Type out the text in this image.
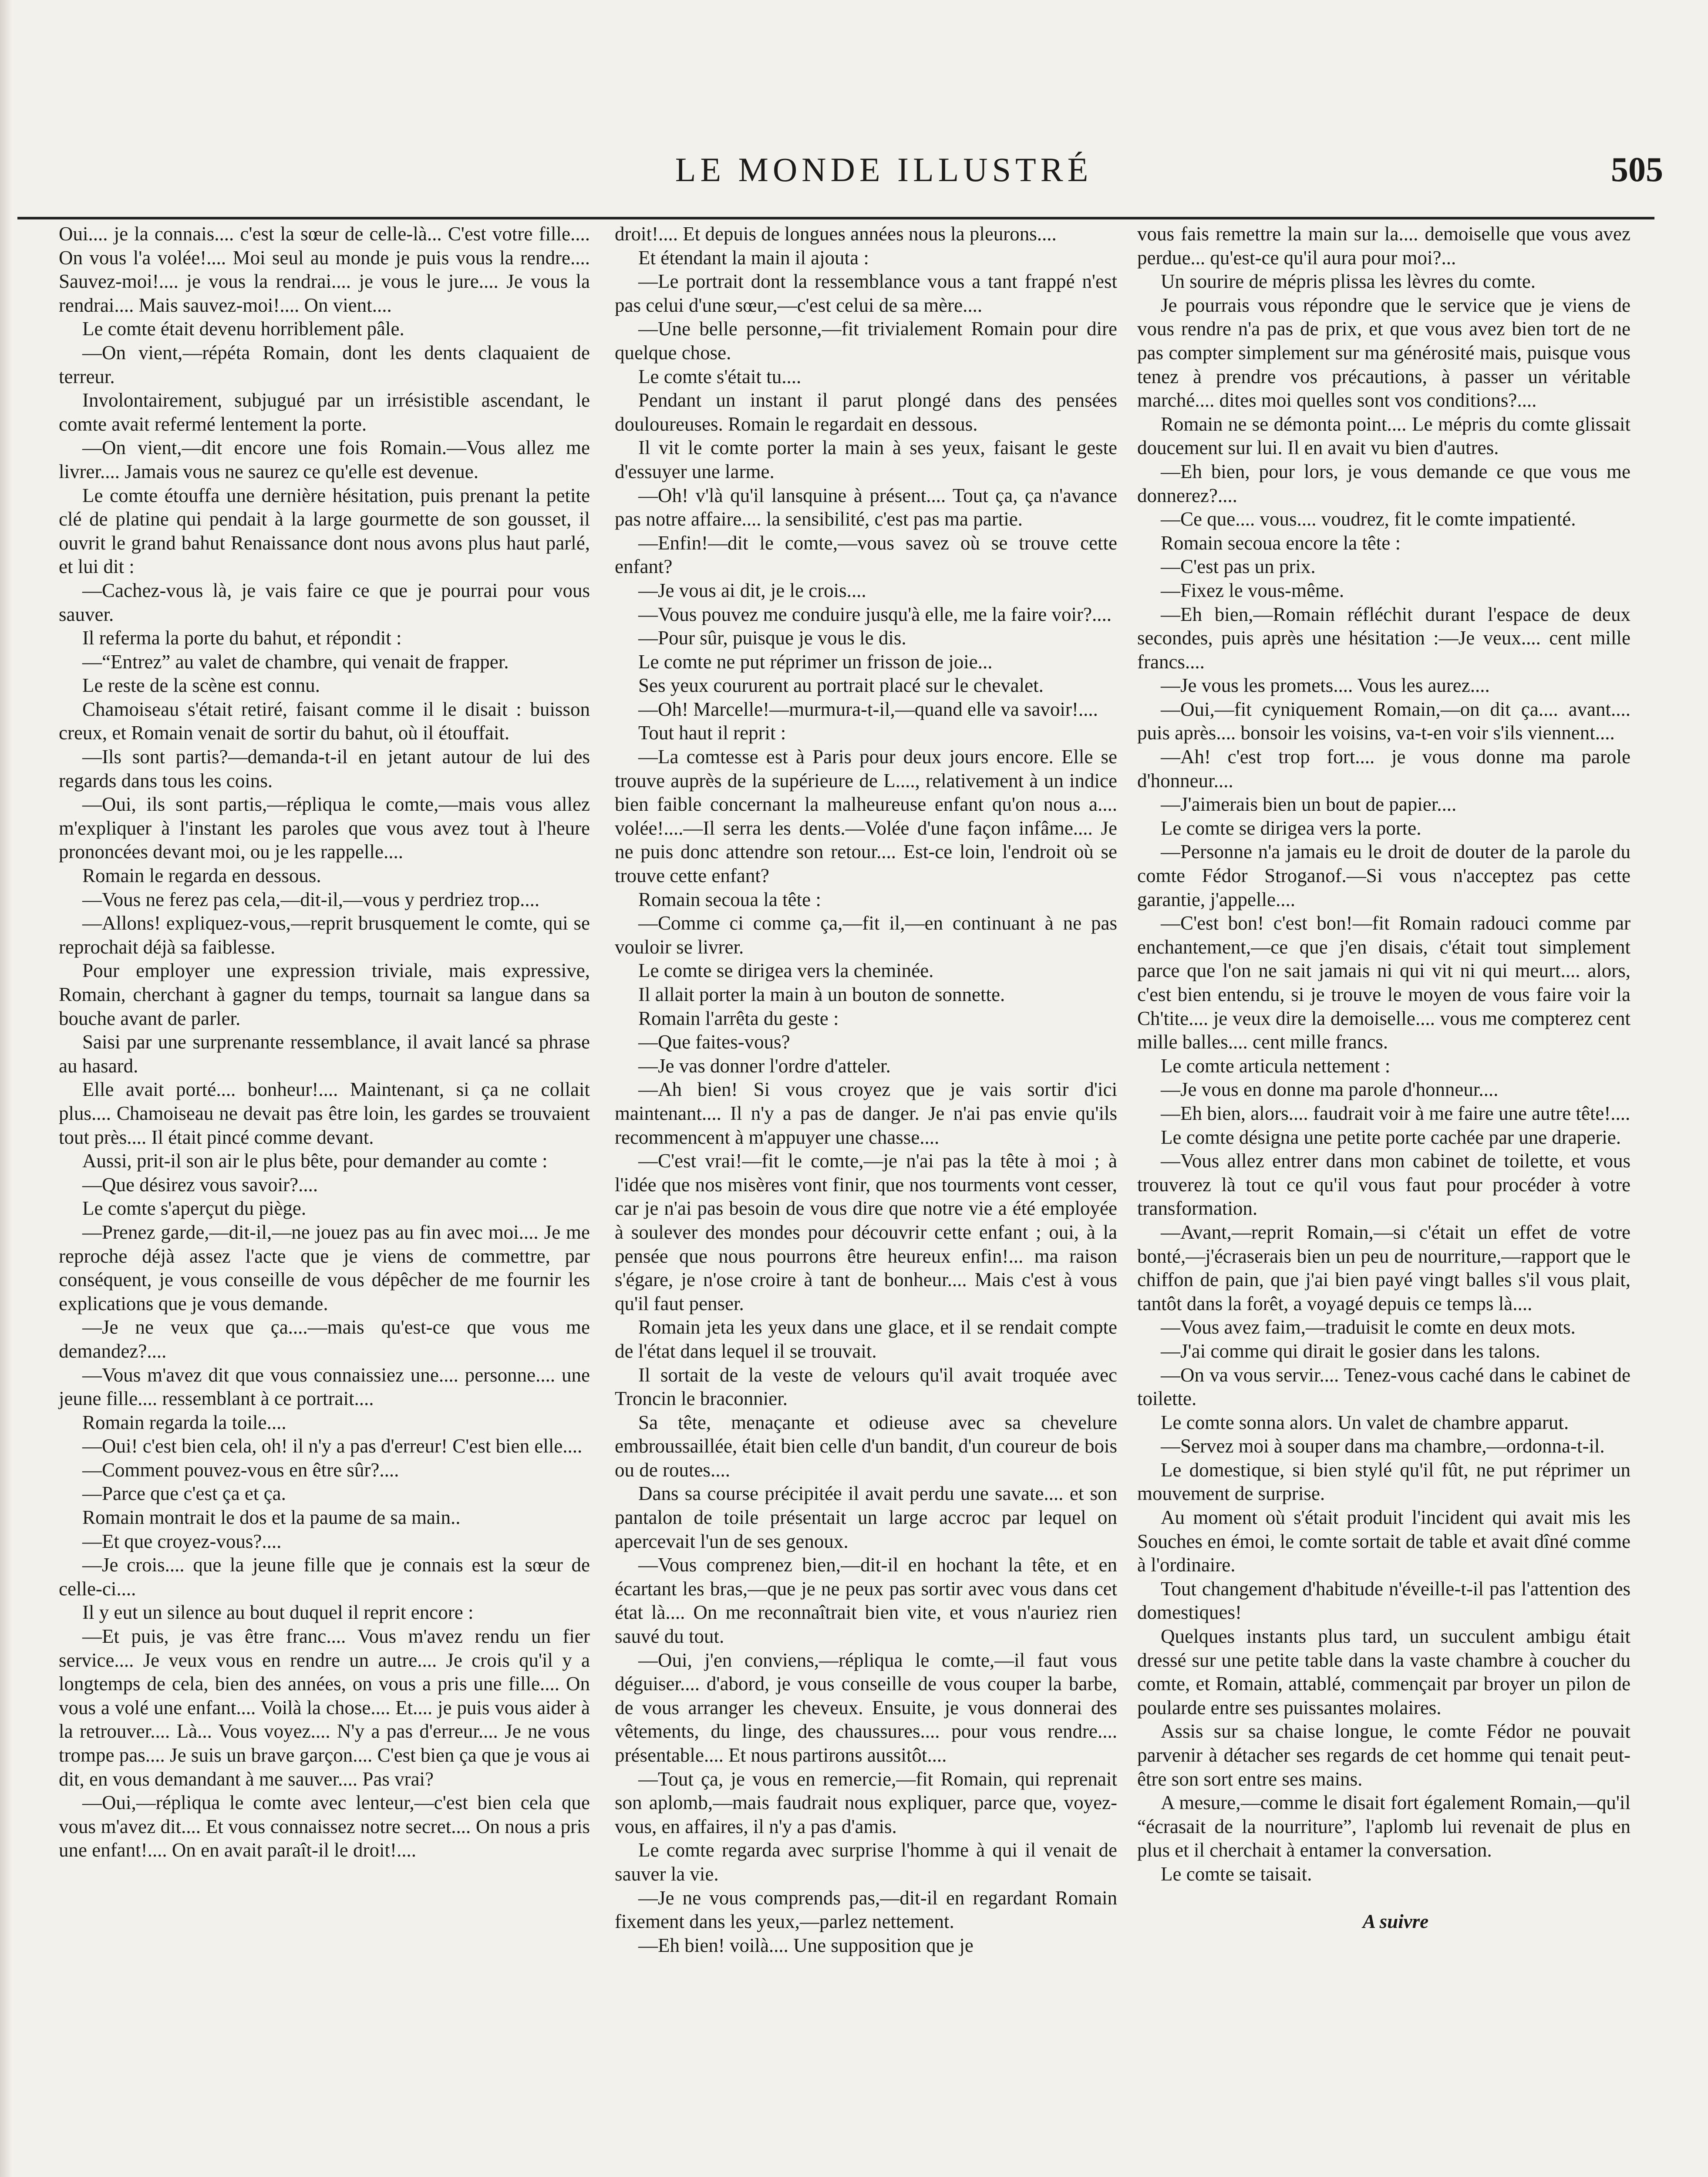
LE MONDE ILLUSTRÉ	505

Oui.... je la connais.... c'est la sœur de celle-là... C'est votre fille.... On vous l'a volée!.... Moi seul au monde je puis vous la rendre.... Sauvez-moi!.... je vous la rendrai.... je vous le jure.... Je vous la rendrai.... Mais sauvez-moi!.... On vient....

Le comte était devenu horriblement pâle.

—On vient,—répéta Romain, dont les dents claquaient de terreur.

Involontairement, subjugué par un irrésistible ascendant, le comte avait refermé lentement la porte.

—On vient,—dit encore une fois Romain.—Vous allez me livrer.... Jamais vous ne saurez ce qu'elle est devenue.

Le comte étouffa une dernière hésitation, puis prenant la petite clé de platine qui pendait à la large gourmette de son gousset, il ouvrit le grand bahut Renaissance dont nous avons plus haut parlé, et lui dit :

—Cachez-vous là, je vais faire ce que je pourrai pour vous sauver.

Il referma la porte du bahut, et répondit :

—“Entrez” au valet de chambre, qui venait de frapper.

Le reste de la scène est connu.

Chamoiseau s'était retiré, faisant comme il le disait : buisson creux, et Romain venait de sortir du bahut, où il étouffait.

—Ils sont partis?—demanda-t-il en jetant autour de lui des regards dans tous les coins.

—Oui, ils sont partis,—répliqua le comte,—mais vous allez m'expliquer à l'instant les paroles que vous avez tout à l'heure prononcées devant moi, ou je les rappelle....

Romain le regarda en dessous.

—Vous ne ferez pas cela,—dit-il,—vous y perdriez trop....

—Allons! expliquez-vous,—reprit brusquement le comte, qui se reprochait déjà sa faiblesse.

Pour employer une expression triviale, mais expressive, Romain, cherchant à gagner du temps, tournait sa langue dans sa bouche avant de parler.

Saisi par une surprenante ressemblance, il avait lancé sa phrase au hasard.

Elle avait porté.... bonheur!.... Maintenant, si ça ne collait plus.... Chamoiseau ne devait pas être loin, les gardes se trouvaient tout près.... Il était pincé comme devant.

Aussi, prit-il son air le plus bête, pour demander au comte :

—Que désirez vous savoir?....

Le comte s'aperçut du piège.

—Prenez garde,—dit-il,—ne jouez pas au fin avec moi.... Je me reproche déjà assez l'acte que je viens de commettre, par conséquent, je vous conseille de vous dépêcher de me fournir les explications que je vous demande.

—Je ne veux que ça....—mais qu'est-ce que vous me demandez?....

—Vous m'avez dit que vous connaissiez une.... personne.... une jeune fille.... ressemblant à ce portrait....

Romain regarda la toile....

—Oui! c'est bien cela, oh! il n'y a pas d'erreur! C'est bien elle....

—Comment pouvez-vous en être sûr?....

—Parce que c'est ça et ça.

Romain montrait le dos et la paume de sa main..

—Et que croyez-vous?....

—Je crois.... que la jeune fille que je connais est la sœur de celle-ci....

Il y eut un silence au bout duquel il reprit encore :

—Et puis, je vas être franc.... Vous m'avez rendu un fier service.... Je veux vous en rendre un autre.... Je crois qu'il y a longtemps de cela, bien des années, on vous a pris une fille.... On vous a volé une enfant.... Voilà la chose.... Et.... je puis vous aider à la retrouver.... Là... Vous voyez.... N'y a pas d'erreur.... Je ne vous trompe pas.... Je suis un brave garçon.... C'est bien ça que je vous ai dit, en vous demandant à me sauver.... Pas vrai?

—Oui,—répliqua le comte avec lenteur,—c'est bien cela que vous m'avez dit.... Et vous connaissez notre secret.... On nous a pris une enfant!.... On en avait paraît-il le droit!....

droit!.... Et depuis de longues années nous la pleurons....

Et étendant la main il ajouta :

—Le portrait dont la ressemblance vous a tant frappé n'est pas celui d'une sœur,—c'est celui de sa mère....

—Une belle personne,—fit trivialement Romain pour dire quelque chose.

Le comte s'était tu....

Pendant un instant il parut plongé dans des pensées douloureuses. Romain le regardait en dessous.

Il vit le comte porter la main à ses yeux, faisant le geste d'essuyer une larme.

—Oh! v'là qu'il lansquine à présent.... Tout ça, ça n'avance pas notre affaire.... la sensibilité, c'est pas ma partie.

—Enfin!—dit le comte,—vous savez où se trouve cette enfant?

—Je vous ai dit, je le crois....

—Vous pouvez me conduire jusqu'à elle, me la faire voir?....

—Pour sûr, puisque je vous le dis.

Le comte ne put réprimer un frisson de joie...

Ses yeux coururent au portrait placé sur le chevalet.

—Oh! Marcelle!—murmura-t-il,—quand elle va savoir!....

Tout haut il reprit :

—La comtesse est à Paris pour deux jours encore. Elle se trouve auprès de la supérieure de L...., relativement à un indice bien faible concernant la malheureuse enfant qu'on nous a.... volée!....—Il serra les dents.—Volée d'une façon infâme.... Je ne puis donc attendre son retour.... Est-ce loin, l'endroit où se trouve cette enfant?

Romain secoua la tête :

—Comme ci comme ça,—fit il,—en continuant à ne pas vouloir se livrer.

Le comte se dirigea vers la cheminée.

Il allait porter la main à un bouton de sonnette.

Romain l'arrêta du geste :

—Que faites-vous?

—Je vas donner l'ordre d'atteler.

—Ah bien! Si vous croyez que je vais sortir d'ici maintenant.... Il n'y a pas de danger. Je n'ai pas envie qu'ils recommencent à m'appuyer une chasse....

—C'est vrai!—fit le comte,—je n'ai pas la tête à moi ; à l'idée que nos misères vont finir, que nos tourments vont cesser, car je n'ai pas besoin de vous dire que notre vie a été employée à soulever des mondes pour découvrir cette enfant ; oui, à la pensée que nous pourrons être heureux enfin!... ma raison s'égare, je n'ose croire à tant de bonheur.... Mais c'est à vous qu'il faut penser.

Romain jeta les yeux dans une glace, et il se rendait compte de l'état dans lequel il se trouvait.

Il sortait de la veste de velours qu'il avait troquée avec Troncin le braconnier.

Sa tête, menaçante et odieuse avec sa chevelure embroussaillée, était bien celle d'un bandit, d'un coureur de bois ou de routes....

Dans sa course précipitée il avait perdu une savate.... et son pantalon de toile présentait un large accroc par lequel on apercevait l'un de ses genoux.

—Vous comprenez bien,—dit-il en hochant la tête, et en écartant les bras,—que je ne peux pas sortir avec vous dans cet état là.... On me reconnaîtrait bien vite, et vous n'auriez rien sauvé du tout.

—Oui, j'en conviens,—répliqua le comte,—il faut vous déguiser.... d'abord, je vous conseille de vous couper la barbe, de vous arranger les cheveux. Ensuite, je vous donnerai des vêtements, du linge, des chaussures.... pour vous rendre.... présentable.... Et nous partirons aussitôt....

—Tout ça, je vous en remercie,—fit Romain, qui reprenait son aplomb,—mais faudrait nous expliquer, parce que, voyez-vous, en affaires, il n'y a pas d'amis.

Le comte regarda avec surprise l'homme à qui il venait de sauver la vie.

—Je ne vous comprends pas,—dit-il en regardant Romain fixement dans les yeux,—parlez nettement.

—Eh bien! voilà.... Une supposition que je

vous fais remettre la main sur la.... demoiselle que vous avez perdue... qu'est-ce qu'il aura pour moi?...

Un sourire de mépris plissa les lèvres du comte.

Je pourrais vous répondre que le service que je viens de vous rendre n'a pas de prix, et que vous avez bien tort de ne pas compter simplement sur ma générosité mais, puisque vous tenez à prendre vos précautions, à passer un véritable marché.... dites moi quelles sont vos conditions?....

Romain ne se démonta point.... Le mépris du comte glissait doucement sur lui. Il en avait vu bien d'autres.

—Eh bien, pour lors, je vous demande ce que vous me donnerez?....

—Ce que.... vous.... voudrez, fit le comte impatienté.

Romain secoua encore la tête :

—C'est pas un prix.

—Fixez le vous-même.

—Eh bien,—Romain réfléchit durant l'espace de deux secondes, puis après une hésitation :—Je veux.... cent mille francs....

—Je vous les promets.... Vous les aurez....

—Oui,—fit cyniquement Romain,—on dit ça.... avant.... puis après.... bonsoir les voisins, va-t-en voir s'ils viennent....

—Ah! c'est trop fort.... je vous donne ma parole d'honneur....

—J'aimerais bien un bout de papier....

Le comte se dirigea vers la porte.

—Personne n'a jamais eu le droit de douter de la parole du comte Fédor Stroganof.—Si vous n'acceptez pas cette garantie, j'appelle....

—C'est bon! c'est bon!—fit Romain radouci comme par enchantement,—ce que j'en disais, c'était tout simplement parce que l'on ne sait jamais ni qui vit ni qui meurt.... alors, c'est bien entendu, si je trouve le moyen de vous faire voir la Ch'tite.... je veux dire la demoiselle.... vous me compterez cent mille balles.... cent mille francs.

Le comte articula nettement :

—Je vous en donne ma parole d'honneur....

—Eh bien, alors.... faudrait voir à me faire une autre tête!....

Le comte désigna une petite porte cachée par une draperie.

—Vous allez entrer dans mon cabinet de toilette, et vous trouverez là tout ce qu'il vous faut pour procéder à votre transformation.

—Avant,—reprit Romain,—si c'était un effet de votre bonté,—j'écraserais bien un peu de nourriture,—rapport que le chiffon de pain, que j'ai bien payé vingt balles s'il vous plait, tantôt dans la forêt, a voyagé depuis ce temps là....

—Vous avez faim,—traduisit le comte en deux mots.

—J'ai comme qui dirait le gosier dans les talons.

—On va vous servir.... Tenez-vous caché dans le cabinet de toilette.

Le comte sonna alors. Un valet de chambre apparut.

—Servez moi à souper dans ma chambre,—ordonna-t-il.

Le domestique, si bien stylé qu'il fût, ne put réprimer un mouvement de surprise.

Au moment où s'était produit l'incident qui avait mis les Souches en émoi, le comte sortait de table et avait dîné comme à l'ordinaire.

Tout changement d'habitude n'éveille-t-il pas l'attention des domestiques!

Quelques instants plus tard, un succulent ambigu était dressé sur une petite table dans la vaste chambre à coucher du comte, et Romain, attablé, commençait par broyer un pilon de poularde entre ses puissantes molaires.

Assis sur sa chaise longue, le comte Fédor ne pouvait parvenir à détacher ses regards de cet homme qui tenait peut-être son sort entre ses mains.

A mesure,—comme le disait fort également Romain,—qu'il “écrasait de la nourriture”, l'aplomb lui revenait de plus en plus et il cherchait à entamer la conversation.

Le comte se taisait.

A suivre
